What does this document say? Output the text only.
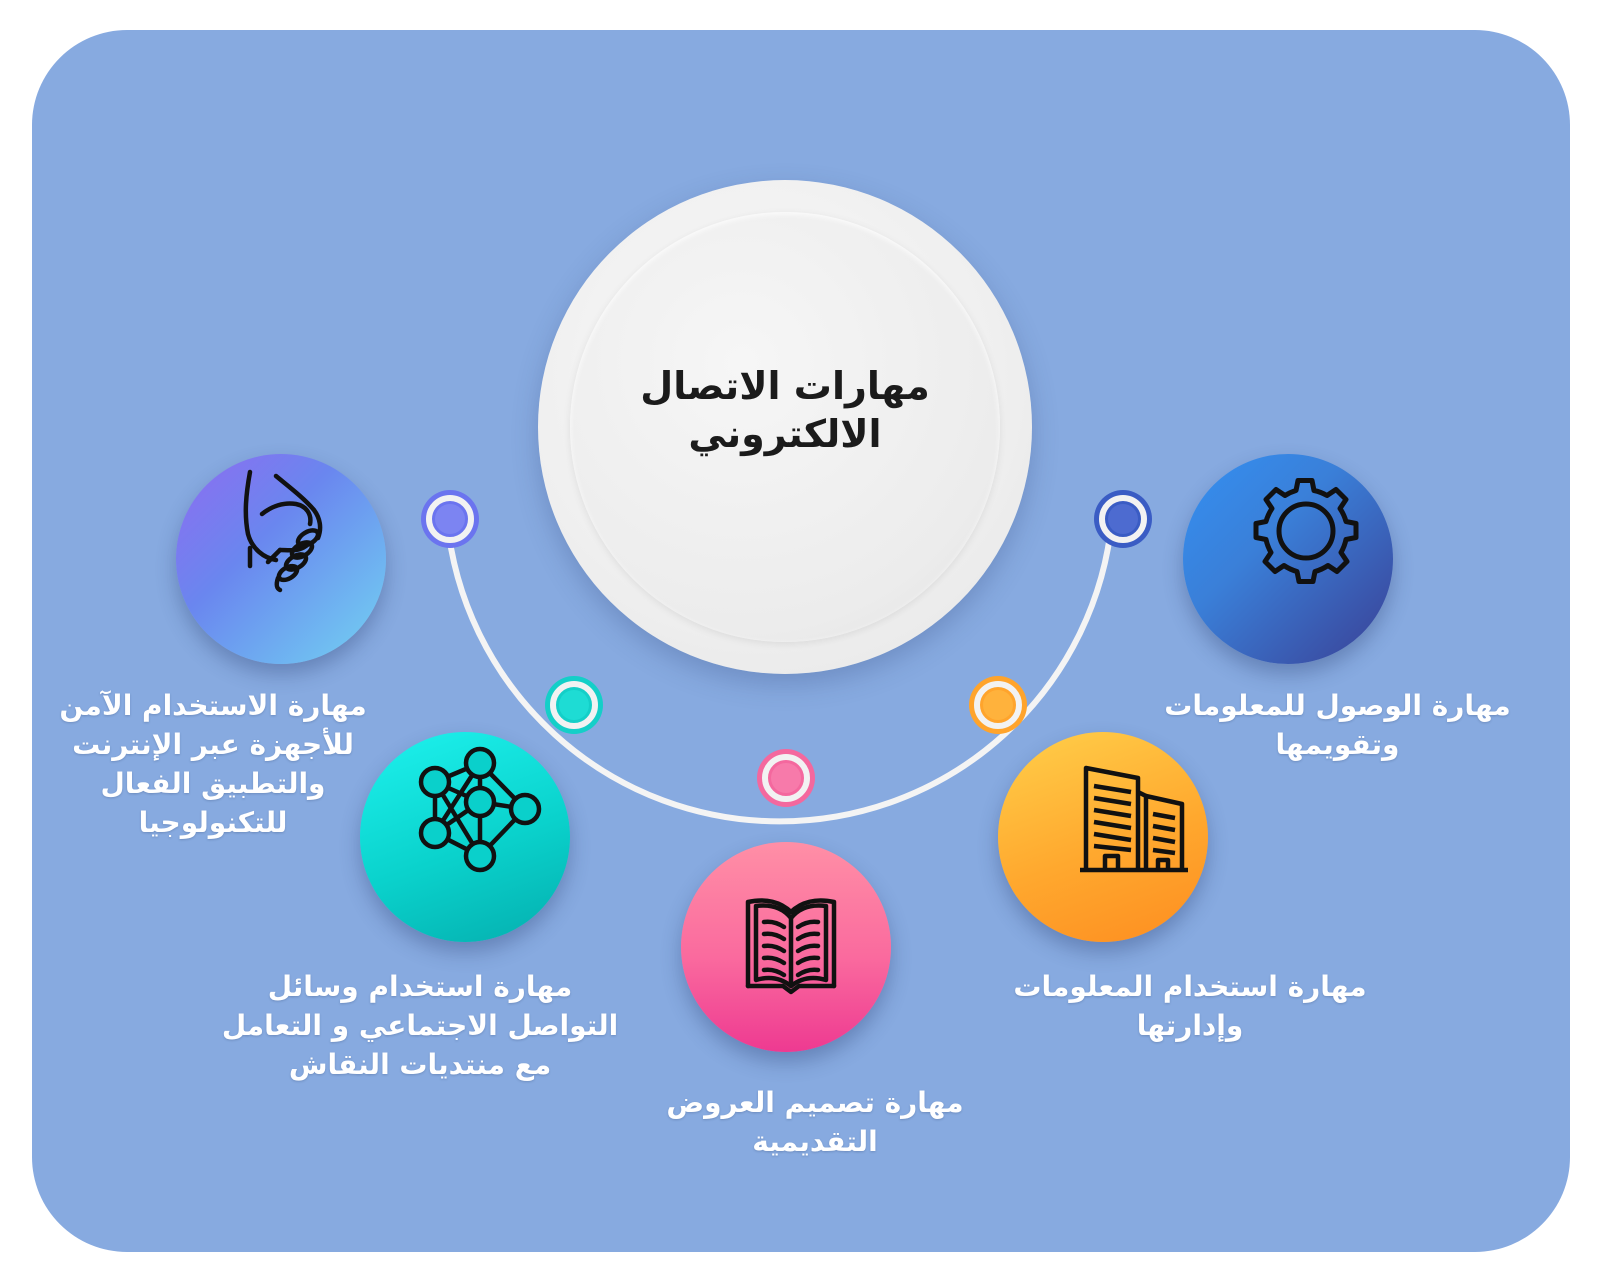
مهارات الاتصال الالكتروني
مهارة الوصول للمعلومات وتقويمها
مهارة الاستخدام الآمن للأجهزة عبر الإنترنت والتطبيق الفعال للتكنولوجيا
مهارة استخدام وسائل التواصل الاجتماعي و التعامل مع منتديات النقاش
مهارة تصميم العروض التقديمية
مهارة استخدام المعلومات وإدارتها
